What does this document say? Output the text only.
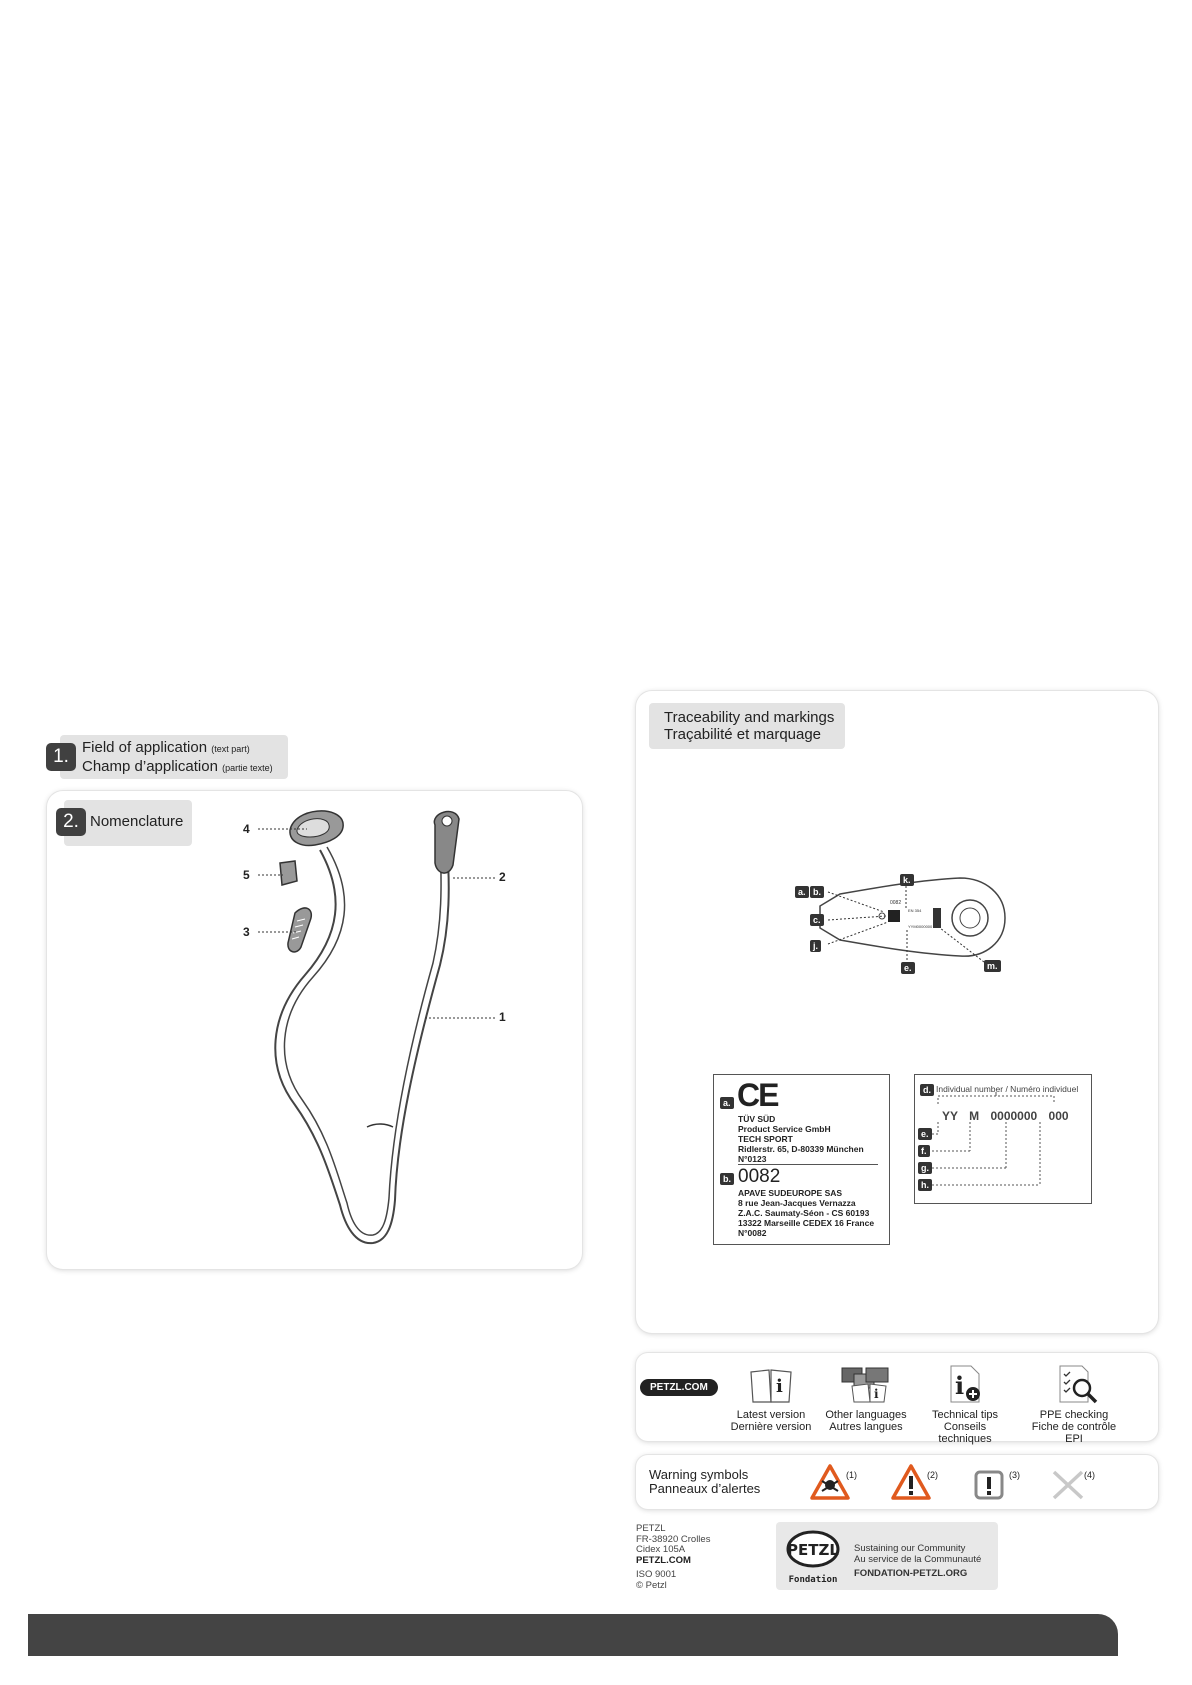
1. Field of application (text part)
Champ d’application (partie texte)
2. Nomenclature	4
5
3
2
1
Traceability and markings
Traçabilité et marquage
0082
EN 354
YYM0000000
a. b.
c.
j.
k.
e.	m.
a. CE
TÜV SÜD
Product Service GmbH
TECH SPORT
Ridlerstr. 65, D-80339 München
N°0123
b. 0082
APAVE SUDEUROPE SAS
8 rue Jean-Jacques Vernazza
Z.A.C. Saumaty-Séon - CS 60193
13322 Marseille CEDEX 16 France
N°0082
d. Individual number / Numéro individuel
YY M 0000000 000
e.
f.
g.
h.
PETZL.COM	i
Latest version
Dernière version
i
Other languages
Autres langues
i
Technical tips
Conseils techniques
PPE checking
Fiche de contrôle EPI
Warning symbols
Panneaux d’alertes
(1)	(2)	(3)	(4)
PETZL
FR-38920 Crolles
Cidex 105A
PETZL.COM
ISO 9001
© Petzl
PETZL
Fondation
Sustaining our Community
Au service de la Communauté
FONDATION-PETZL.ORG
